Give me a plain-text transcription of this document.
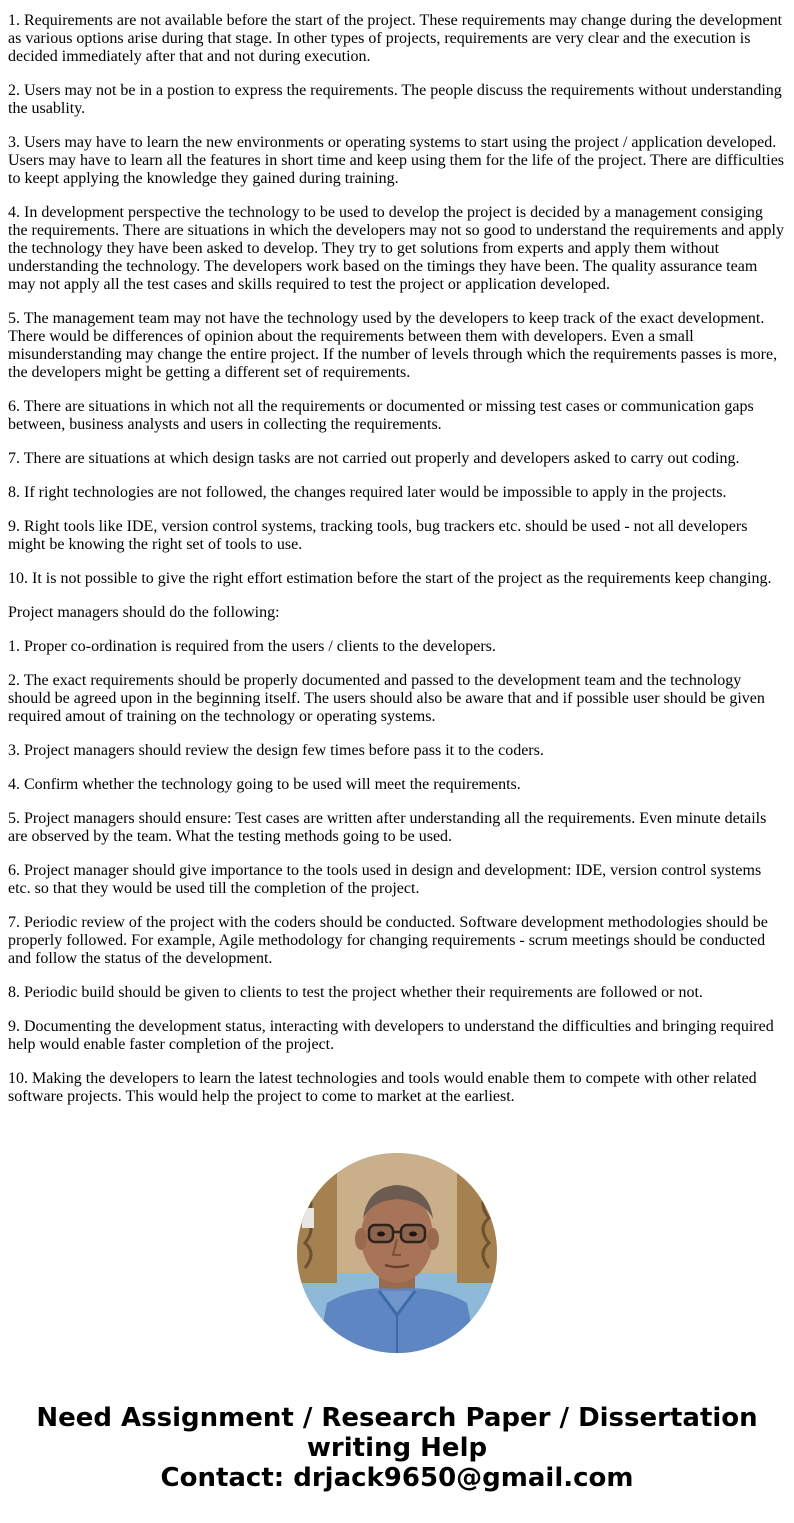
1. Requirements are not available before the start of the project. These requirements may change during the development as various options arise during that stage. In other types of projects, requirements are very clear and the execution is decided immediately after that and not during execution.

2. Users may not be in a postion to express the requirements. The people discuss the requirements without understanding the usablity.

3. Users may have to learn the new environments or operating systems to start using the project / application developed. Users may have to learn all the features in short time and keep using them for the life of the project. There are difficulties to keept applying the knowledge they gained during training.

4. In development perspective the technology to be used to develop the project is decided by a management consiging the requirements. There are situations in which the developers may not so good to understand the requirements and apply the technology they have been asked to develop. They try to get solutions from experts and apply them without understanding the technology. The developers work based on the timings they have been. The quality assurance team may not apply all the test cases and skills required to test the project or application developed.

5. The management team may not have the technology used by the developers to keep track of the exact development. There would be differences of opinion about the requirements between them with developers. Even a small misunderstanding may change the entire project. If the number of levels through which the requirements passes is more, the developers might be getting a different set of requirements.

6. There are situations in which not all the requirements or documented or missing test cases or communication gaps between, business analysts and users in collecting the requirements.

7. There are situations at which design tasks are not carried out properly and developers asked to carry out coding.

8. If right technologies are not followed, the changes required later would be impossible to apply in the projects.

9. Right tools like IDE, version control systems, tracking tools, bug trackers etc. should be used - not all developers might be knowing the right set of tools to use.

10. It is not possible to give the right effort estimation before the start of the project as the requirements keep changing.

Project managers should do the following:

1. Proper co-ordination is required from the users / clients to the developers.

2. The exact requirements should be properly documented and passed to the development team and the technology should be agreed upon in the beginning itself. The users should also be aware that and if possible user should be given required amout of training on the technology or operating systems.

3. Project managers should review the design few times before pass it to the coders.

4. Confirm whether the technology going to be used will meet the requirements.

5. Project managers should ensure: Test cases are written after understanding all the requirements. Even minute details are observed by the team. What the testing methods going to be used.

6. Project manager should give importance to the tools used in design and development: IDE, version control systems etc. so that they would be used till the completion of the project.

7. Periodic review of the project with the coders should be conducted. Software development methodologies should be properly followed. For example, Agile methodology for changing requirements - scrum meetings should be conducted and follow the status of the development.

8. Periodic build should be given to clients to test the project whether their requirements are followed or not.

9. Documenting the development status, interacting with developers to understand the difficulties and bringing required help would enable faster completion of the project.

10. Making the developers to learn the latest technologies and tools would enable them to compete with other related software projects. This would help the project to come to market at the earliest.

Need Assignment / Research Paper / Dissertation
writing Help
Contact: drjack9650@gmail.com
